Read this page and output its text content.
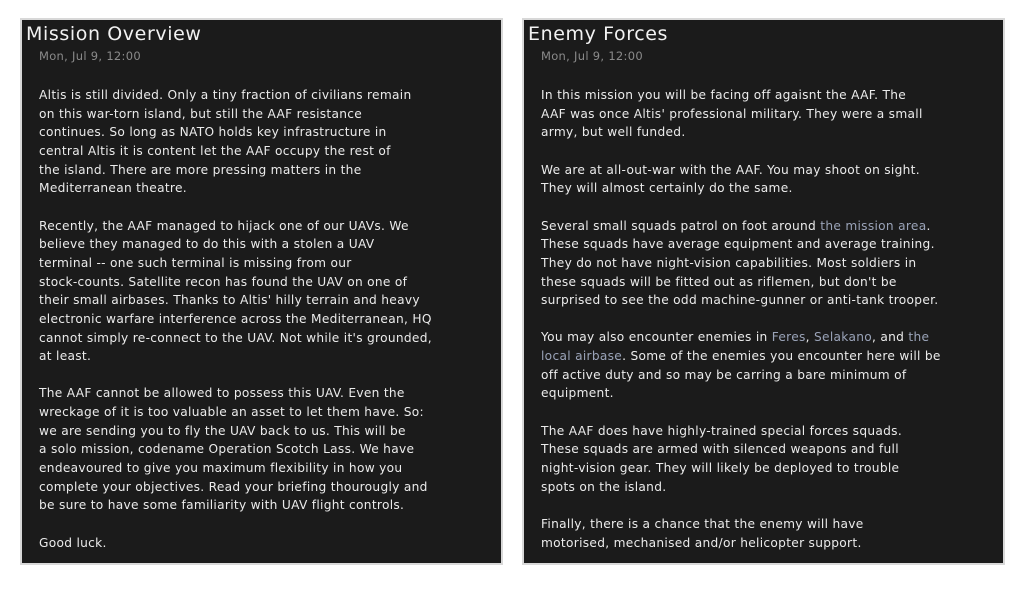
Mission Overview
Mon, Jul 9, 12:00

Altis is still divided. Only a tiny fraction of civilians remain
on this war-torn island, but still the AAF resistance
continues. So long as NATO holds key infrastructure in
central Altis it is content let the AAF occupy the rest of
the island. There are more pressing matters in the
Mediterranean theatre.

Recently, the AAF managed to hijack one of our UAVs. We
believe they managed to do this with a stolen a UAV
terminal -- one such terminal is missing from our
stock-counts. Satellite recon has found the UAV on one of
their small airbases. Thanks to Altis' hilly terrain and heavy
electronic warfare interference across the Mediterranean, HQ
cannot simply re-connect to the UAV. Not while it's grounded,
at least.

The AAF cannot be allowed to possess this UAV. Even the
wreckage of it is too valuable an asset to let them have. So:
we are sending you to fly the UAV back to us. This will be
a solo mission, codename Operation Scotch Lass. We have
endeavoured to give you maximum flexibility in how you
complete your objectives. Read your briefing thourougly and
be sure to have some familiarity with UAV flight controls.

Good luck.

Enemy Forces
Mon, Jul 9, 12:00

In this mission you will be facing off agaisnt the AAF. The
AAF was once Altis' professional military. They were a small
army, but well funded.

We are at all-out-war with the AAF. You may shoot on sight.
They will almost certainly do the same.

Several small squads patrol on foot around the mission area.
These squads have average equipment and average training.
They do not have night-vision capabilities. Most soldiers in
these squads will be fitted out as riflemen, but don't be
surprised to see the odd machine-gunner or anti-tank trooper.

You may also encounter enemies in Feres, Selakano, and the
local airbase. Some of the enemies you encounter here will be
off active duty and so may be carring a bare minimum of
equipment.

The AAF does have highly-trained special forces squads.
These squads are armed with silenced weapons and full
night-vision gear. They will likely be deployed to trouble
spots on the island.

Finally, there is a chance that the enemy will have
motorised, mechanised and/or helicopter support.
